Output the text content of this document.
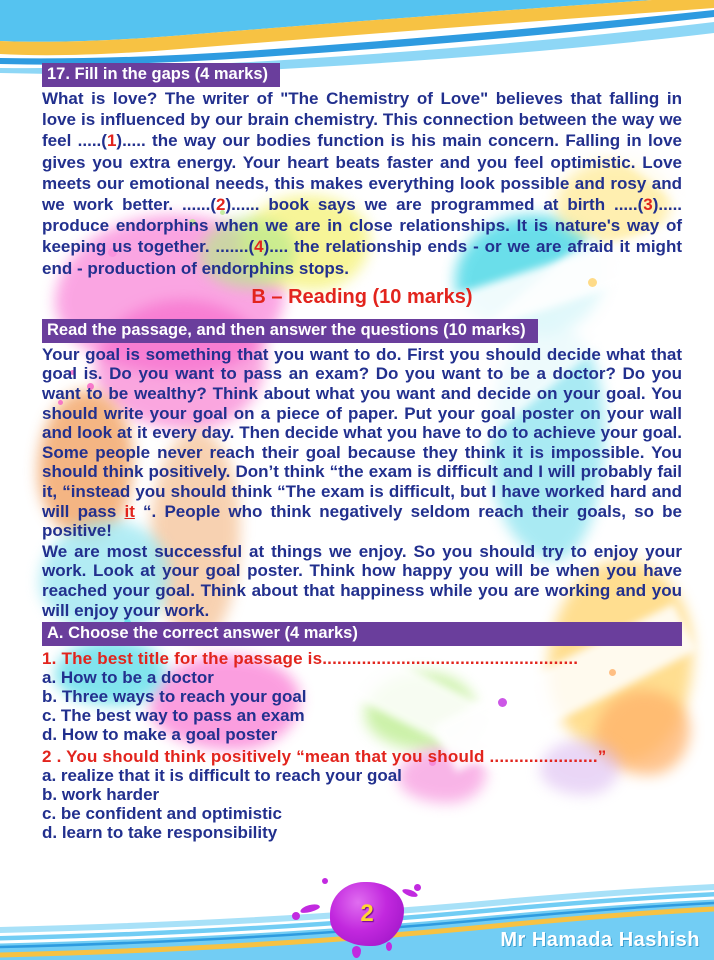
17. Fill in the gaps (4 marks)

What is love? The writer of "The Chemistry of Love" believes that falling in love is influenced by our brain chemistry. This connection between the way we feel .....(1)..... the way our bodies function is his main concern. Falling in love gives you extra energy. Your heart beats faster and you feel optimistic. Love meets our emotional needs, this makes everything look possible and rosy and we work better. ......(2)...... book says we are programmed at birth .....(3)..... produce endorphins when we are in close relationships. It is nature's way of keeping us together. .......(4).... the relationship ends - or we are afraid it might end - production of endorphins stops.

B – Reading (10 marks)
Read the passage, and then answer the questions (10 marks)

Your goal is something that you want to do. First you should decide what that goal is. Do you want to pass an exam? Do you want to be a doctor? Do you want to be wealthy? Think about what you want and decide on your goal. You should write your goal on a piece of paper. Put your goal poster on your wall and look at it every day. Then decide what you have to do to achieve your goal. Some people never reach their goal because they think it is impossible. You should think positively. Don’t think “the exam is difficult and I will probably fail it, “instead you should think “The exam is difficult, but I have worked hard and will pass it “. People who think negatively seldom reach their goals, so be positive!

We are most successful at things we enjoy. So you should try to enjoy your work. Look at your goal poster. Think how happy you will be when you have reached your goal. Think about that happiness while you are working and you will enjoy your work.

A. Choose the correct answer (4 marks)
1. The best title for the passage is....................................................
a. How to be a doctor
b. Three ways to reach your goal
c. The best way to pass an exam
d. How to make a goal poster
2 . You should think positively “mean that you should ......................”
a. realize that it is difficult to reach your goal
b. work harder
c. be confident and optimistic
d. learn to take responsibility
2
Mr Hamada Hashish
